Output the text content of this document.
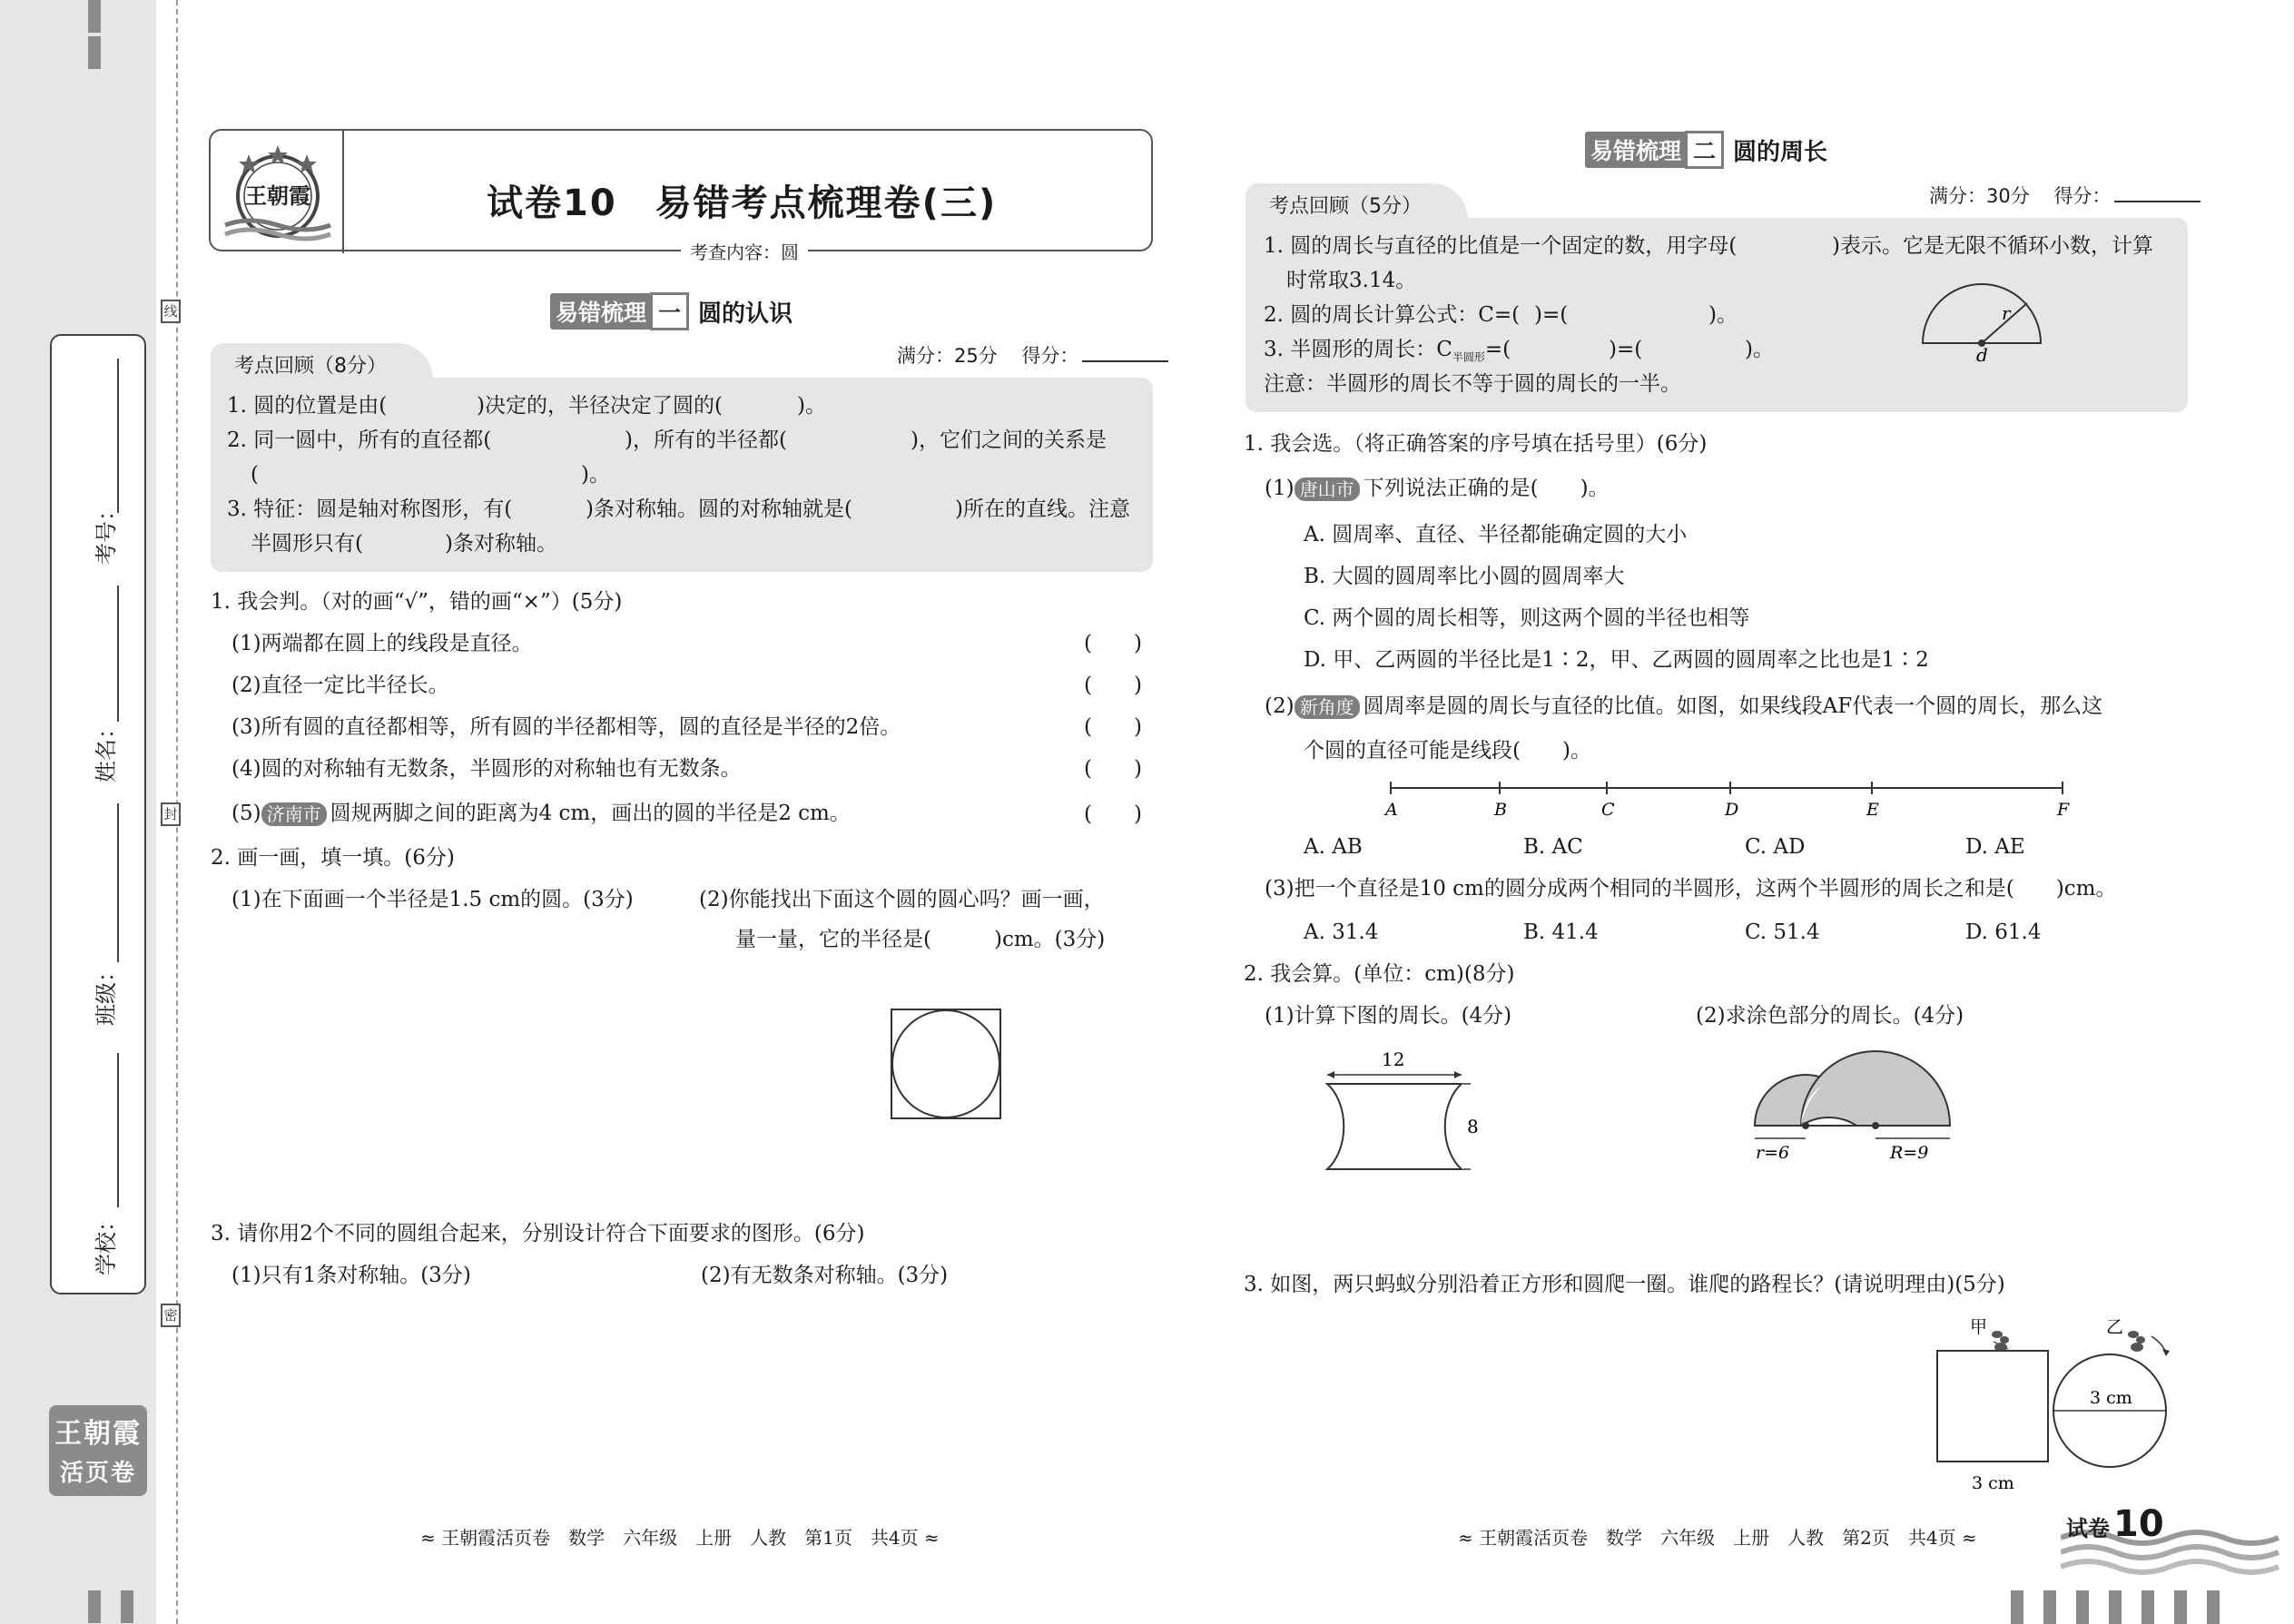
线
封
密
考号：
姓名：
班级：
学校：
王朝霞
活页卷
王朝霞	试卷10　易错考点梳理卷(三)
考查内容：圆
易错梳理 一 圆的认识
考点回顾（8分）	满分：25分 得分：
1. 圆的位置是由(	)决定的，半径决定了圆的(	)。
2. 同一圆中，所有的直径都(	)，所有的半径都(	)，它们之间的关系是
(	)。
3. 特征：圆是轴对称图形，有(	)条对称轴。圆的对称轴就是(	)所在的直线。注意
半圆形只有(	)条对称轴。
1. 我会判。（对的画“√”，错的画“×”）(5分)
(1)两端都在圆上的线段是直径。	(　　)
(2)直径一定比半径长。	(　　)
(3)所有圆的直径都相等，所有圆的半径都相等，圆的直径是半径的2倍。	(　　)
(4)圆的对称轴有无数条，半圆形的对称轴也有无数条。	(　　)
(5) 济南市 圆规两脚之间的距离为4 cm，画出的圆的半径是2 cm。	(　　)
2. 画一画，填一填。(6分)
(1)在下面画一个半径是1.5 cm的圆。(3分)	(2)你能找出下面这个圆的圆心吗？画一画，
量一量，它的半径是(　　　)cm。(3分)
3. 请你用2个不同的圆组合起来，分别设计符合下面要求的图形。(6分)
(1)只有1条对称轴。(3分)	(2)有无数条对称轴。(3分)
≈ 王朝霞活页卷　数学　六年级　上册　人教　第1页　共4页 ≈
易错梳理 二 圆的周长
考点回顾（5分）	满分：30分 得分：
1. 圆的周长与直径的比值是一个固定的数，用字母(	)表示。它是无限不循环小数，计算
时常取3.14。
2. 圆的周长计算公式：C=( )=(	)。
3. 半圆形的周长：$C_{半圆形}=$(	)=(	)。
注意：半圆形的周长不等于圆的周长的一半。
r
d
1. 我会选。（将正确答案的序号填在括号里）(6分)
(1) 唐山市 下列说法正确的是(　　)。
A. 圆周率、直径、半径都能确定圆的大小
B. 大圆的圆周率比小圆的圆周率大
C. 两个圆的周长相等，则这两个圆的半径也相等
D. 甲、乙两圆的半径比是1∶2，甲、乙两圆的圆周率之比也是1∶2
(2) 新角度 圆周率是圆的周长与直径的比值。如图，如果线段AF代表一个圆的周长，那么这
个圆的直径可能是线段(　　)。
A	B	C	D	E	F
A. AB	B. AC	C. AD	D. AE
(3)把一个直径是10 cm的圆分成两个相同的半圆形，这两个半圆形的周长之和是(　　)cm。
A. 31.4	B. 41.4	C. 51.4	D. 61.4
2. 我会算。(单位：cm)(8分)
(1)计算下图的周长。(4分)	(2)求涂色部分的周长。(4分)
12
8
r=6	R=9
3. 如图，两只蚂蚁分别沿着正方形和圆爬一圈。谁爬的路程长？(请说明理由)(5分)
甲
3 cm
乙
3 cm
≈ 王朝霞活页卷　数学　六年级　上册　人教　第2页　共4页 ≈	试卷 10
